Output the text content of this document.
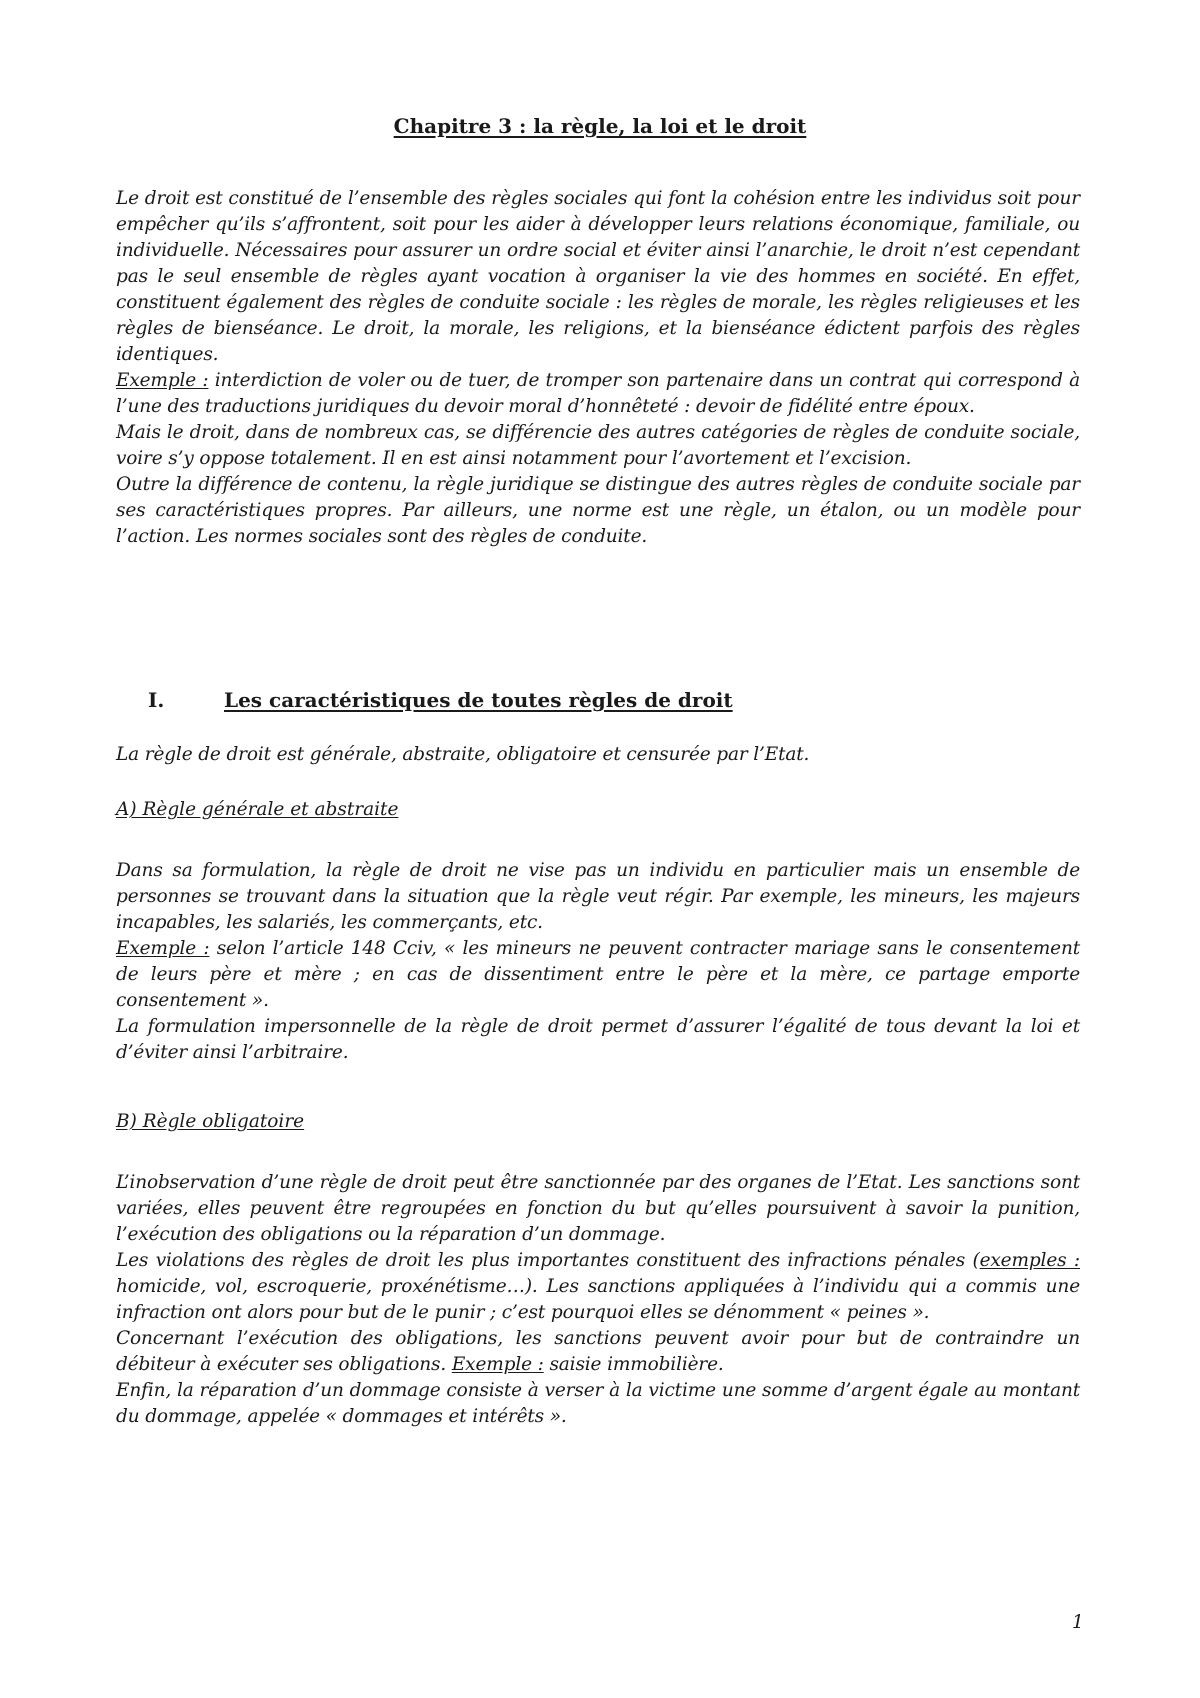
Chapitre 3 : la règle, la loi et le droit

Le droit est constitué de l’ensemble des règles sociales qui font la cohésion entre les individus soit pour empêcher qu’ils s’affrontent, soit pour les aider à développer leurs relations économique, familiale, ou individuelle. Nécessaires pour assurer un ordre social et éviter ainsi l’anarchie, le droit n’est cependant pas le seul ensemble de règles ayant vocation à organiser la vie des hommes en société. En effet, constituent également des règles de conduite sociale : les règles de morale, les règles religieuses et les règles de bienséance. Le droit, la morale, les religions, et la bienséance édictent parfois des règles identiques.

Exemple : interdiction de voler ou de tuer, de tromper son partenaire dans un contrat qui correspond à l’une des traductions juridiques du devoir moral d’honnêteté : devoir de fidélité entre époux.

Mais le droit, dans de nombreux cas, se différencie des autres catégories de règles de conduite sociale, voire s’y oppose totalement. Il en est ainsi notamment pour l’avortement et l’excision.

Outre la différence de contenu, la règle juridique se distingue des autres règles de conduite sociale par ses caractéristiques propres. Par ailleurs, une norme est une règle, un étalon, ou un modèle pour l’action. Les normes sociales sont des règles de conduite.

I.	Les caractéristiques de toutes règles de droit

La règle de droit est générale, abstraite, obligatoire et censurée par l’Etat.

A) Règle générale et abstraite

Dans sa formulation, la règle de droit ne vise pas un individu en particulier mais un ensemble de personnes se trouvant dans la situation que la règle veut régir. Par exemple, les mineurs, les majeurs incapables, les salariés, les commerçants, etc.

Exemple : selon l’article 148 Cciv, « les mineurs ne peuvent contracter mariage sans le consentement de leurs père et mère ; en cas de dissentiment entre le père et la mère, ce partage emporte consentement ».

La formulation impersonnelle de la règle de droit permet d’assurer l’égalité de tous devant la loi et d’éviter ainsi l’arbitraire.

B) Règle obligatoire

L’inobservation d’une règle de droit peut être sanctionnée par des organes de l’Etat. Les sanctions sont variées, elles peuvent être regroupées en fonction du but qu’elles poursuivent à savoir la punition, l’exécution des obligations ou la réparation d’un dommage.

Les violations des règles de droit les plus importantes constituent des infractions pénales (exemples : homicide, vol, escroquerie, proxénétisme…). Les sanctions appliquées à l’individu qui a commis une infraction ont alors pour but de le punir ; c’est pourquoi elles se dénomment « peines ».

Concernant l’exécution des obligations, les sanctions peuvent avoir pour but de contraindre un débiteur à exécuter ses obligations. Exemple : saisie immobilière.

Enfin, la réparation d’un dommage consiste à verser à la victime une somme d’argent égale au montant du dommage, appelée « dommages et intérêts ».

1
